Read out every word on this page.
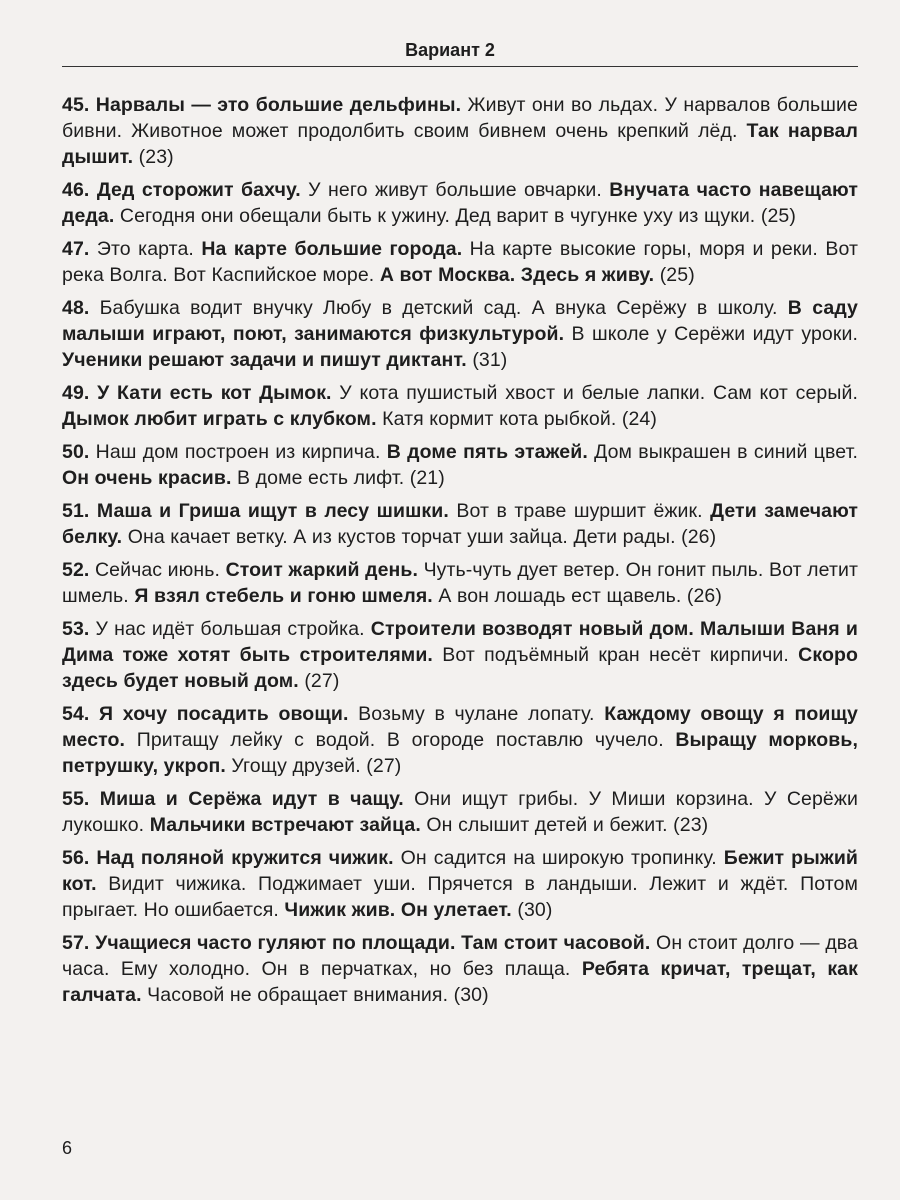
Вариант 2

45. Нарвалы — это большие дельфины. Живут они во льдах. У нарвалов большие бивни. Животное может продолбить своим бивнем очень крепкий лёд. Так нарвал дышит. (23)

46. Дед сторожит бахчу. У него живут большие овчарки. Внучата часто навещают деда. Сегодня они обещали быть к ужину. Дед варит в чугунке уху из щуки. (25)

47. Это карта. На карте большие города. На карте высокие горы, моря и реки. Вот река Волга. Вот Каспийское море. А вот Москва. Здесь я живу. (25)

48. Бабушка водит внучку Любу в детский сад. А внука Серёжу в школу. В саду малыши играют, поют, занимаются физкультурой. В школе у Серёжи идут уроки. Ученики решают задачи и пишут диктант. (31)

49. У Кати есть кот Дымок. У кота пушистый хвост и белые лапки. Сам кот серый. Дымок любит играть с клубком. Катя кормит кота рыбкой. (24)

50. Наш дом построен из кирпича. В доме пять этажей. Дом выкрашен в синий цвет. Он очень красив. В доме есть лифт. (21)

51. Маша и Гриша ищут в лесу шишки. Вот в траве шуршит ёжик. Дети замечают белку. Она качает ветку. А из кустов торчат уши зайца. Дети рады. (26)

52. Сейчас июнь. Стоит жаркий день. Чуть-чуть дует ветер. Он гонит пыль. Вот летит шмель. Я взял стебель и гоню шмеля. А вон лошадь ест щавель. (26)

53. У нас идёт большая стройка. Строители возводят новый дом. Малыши Ваня и Дима тоже хотят быть строителями. Вот подъёмный кран несёт кирпичи. Скоро здесь будет новый дом. (27)

54. Я хочу посадить овощи. Возьму в чулане лопату. Каждому овощу я поищу место. Притащу лейку с водой. В огороде поставлю чучело. Выращу морковь, петрушку, укроп. Угощу друзей. (27)

55. Миша и Серёжа идут в чащу. Они ищут грибы. У Миши корзина. У Серёжи лукошко. Мальчики встречают зайца. Он слышит детей и бежит. (23)

56. Над поляной кружится чижик. Он садится на широкую тропинку. Бежит рыжий кот. Видит чижика. Поджимает уши. Прячется в ландыши. Лежит и ждёт. Потом прыгает. Но ошибается. Чижик жив. Он улетает. (30)

57. Учащиеся часто гуляют по площади. Там стоит часовой. Он стоит долго — два часа. Ему холодно. Он в перчатках, но без плаща. Ребята кричат, трещат, как галчата. Часовой не обращает внимания. (30)

6
